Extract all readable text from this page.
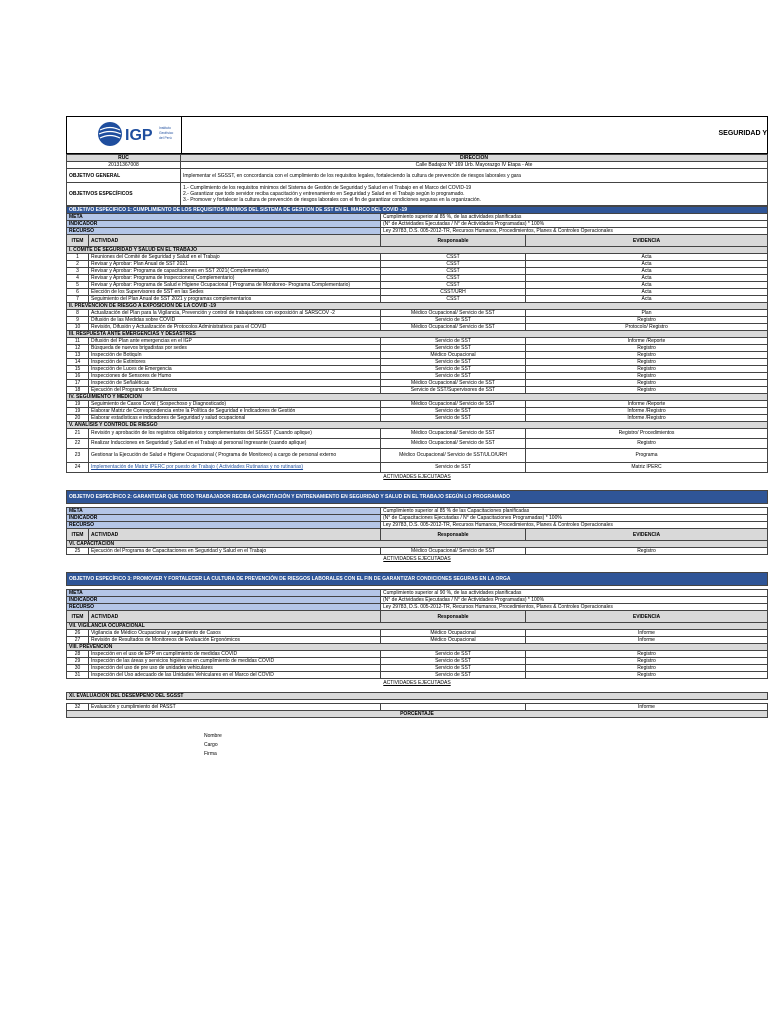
IGP Instituto
Geofísico
del Perú
SEGURIDAD Y
RUC	DIRECCIÓN
20131367008	Calle Badajoz N° 169 Urb. Mayorazgo IV Etapa - Ate
OBJETIVO GENERAL	Implementar el SGSST, en concordancia con el cumplimiento de los requisitos legales, fortaleciendo la cultura de prevención de riesgos laborales y gara
OBJETIVOS ESPECÍFICOS	1.- Cumplimiento de los requisitos mínimos del Sistema de Gestión de Seguridad y Salud en el Trabajo en el Marco del COVID-19
2.- Garantizar que todo servidor reciba capacitación y entrenamiento en Seguridad y Salud en el Trabajo según lo programado.
3.- Promover y fortalecer la cultura de prevención de riesgos laborales con el fin de garantizar condiciones seguras en la organización.
OBJETIVO ESPECÍFICO 1: CUMPLIMIENTO DE LOS REQUISITOS MINIMOS DEL SISTEMA DE GESTIÓN DE SST EN EL MARCO DEL COVID -19			
META		Cumplimiento superior al 85 %, de las actividades planificadas	
INDICADOR		(N° de Actividades Ejecutadas / N° de Actividades Programadas) * 100%	
RECURSO		Ley 29783, D.S. 005-2012-TR, Recursos Humanos, Procedimientos, Planes & Controles Operacionales	
ITEM	ACTIVIDAD	Responsable	EVIDENCIA
I. COMITÉ DE SEGURIDAD Y SALUD EN EL TRABAJO			
1	Reuniones del Comité de Seguridad y Salud en el Trabajo	CSST	Acta
2	Revisar y Aprobar: Plan Anual de SST 2021	CSST	Acta
3	Revisar y Aprobar: Programa de capacitaciones en SST 2021( Complementario)	CSST	Acta
4	Revisar y Aprobar: Programa de Inspecciones( Complementario)	CSST	Acta
5	Revisar y Aprobar: Programa de Salud e Higiene Ocupacional ( Programa de Monitoreo- Programa Complementario)	CSST	Acta
6	Elección de los Supervisores de SST en las Sedes	CSST/URH	Acta
7	Seguimiento del Plan Anual de SST 2021 y programas complementarios	CSST	Acta
II. PREVENCIÓN DE RIESGO A EXPOSICIÓN DE LA COVID -19			
8	Actualización del Plan para la Vigilancia, Prevención y control de trabajadores con exposición al SARSCOV -2	Médico Ocupacional/ Servicio de SST	Plan
9	Difusión de las Medidas sobre COVID	Servicio de SST	Registro
10	Revisión, Difusión y Actualización de Protocolos Administrativos para el COVID	Médico Ocupacional/ Servicio de SST	Protocolo/ Registro
III. RESPUESTA ANTE EMERGENCIAS Y DESASTRES			
11	Difusión del Plan ante emergencias en el IGP	Servicio de SST	Informe /Reporte
12	Búsqueda de nuevos brigadistas por sedes	Servicio de SST	Registro
13	Inspección de Botiquín	Médico Ocupacional	Registro
14	Inspección de Extintores	Servicio de SST	Registro
15	Inspección de Luces de Emergencia	Servicio de SST	Registro
16	Inspecciones de Sensores de Humo	Servicio de SST	Registro
17	Inspección de Señaléticas	Médico Ocupacional/ Servicio de SST	Registro
18	Ejecución del Programa de Simulacros	Servicio de SST/Supervisores de SST	Registro
IV. SEGUIMIENTO Y MEDICIÓN			
19	Seguimiento de Casos Covid ( Sospechoso y Diagnosticado)	Médico Ocupacional/ Servicio de SST	Informe /Reporte
19	Elaborar Matriz de Correspondencia entre la Política de Seguridad e Indicadores de Gestión	Servicio de SST	Informe /Registro
20	Elaborar estadísticas e indicadores de Seguridad y salud ocupacional	Servicio de SST	Informe /Registro
V. ANÁLISIS Y CONTROL DE RIESGO			
21	Revisión y aprobación de los registros obligatorios y complementarios del SGSST (Cuando aplique)	Médico Ocupacional/ Servicio de SST	Registro/ Procedimientos
22	Realizar Inducciones en Seguridad y Salud en el Trabajo al personal Ingresante (cuando aplique)	Médico Ocupacional/ Servicio de SST	Registro
23	Gestionar la Ejecución de Salud e Higiene Ocupacional ( Programa de Monitoreo) a cargo de personal externo	Médico Ocupacional/ Servicio de SST/ULO/URH	Programa
24	Implementación de Matriz IPERC por puesto de Trabajo ( Actividades Rutinarias y no rutinarias)	Servicio de SST	Matriz IPERC
ACTIVIDADES EJECUTADAS			

OBJETIVO ESPECÍFICO 2: GARANTIZAR QUE TODO TRABAJADOR RECIBA CAPACITACIÓN Y ENTRENAMIENTO EN SEGURIDAD Y SALUD EN EL TRABAJO SEGÚN LO PROGRAMADO			

META		Cumplimiento superior al 85 % de las Capacitaciones planificadas	
INDICADOR		(N° de Capacitaciones Ejecutadas / N° de Capacitaciones Programadas) * 100%	
RECURSO		Ley 29783, D.S. 005-2012-TR, Recursos Humanos, Procedimientos, Planes & Controles Operacionales	
ITEM	ACTIVIDAD	Responsable	EVIDENCIA
VI. CAPACITACIÓN			
25	Ejecución del Programa de Capacitaciones en Seguridad y Salud en el Trabajo	Médico Ocupacional/ Servicio de SST	Registro
ACTIVIDADES EJECUTADAS			

OBJETIVO ESPECÍFICO 3: PROMOVER Y FORTALECER LA CULTURA DE PREVENCIÓN DE RIESGOS LABORALES CON EL FIN DE GARANTIZAR CONDICIONES SEGURAS EN LA ORGA			

META		Cumplimiento superior al 90 %, de las actividades planificadas	
INDICADOR		(N° de Actividades Ejecutadas / N° de Actividades Programadas) * 100%	
RECURSO		Ley 29783, D.S. 005-2012-TR, Recursos Humanos, Procedimientos, Planes & Controles Operacionales	
ITEM	ACTIVIDAD	Responsable	EVIDENCIA
VII. VIGILANCIA OCUPACIONAL			
26	Vigilancia de Médico Ocupacional y seguimiento de Casos	Médico Ocupacional	Informe
27	Revisión de Resultados de Monitoreos de Evaluación Ergonómicos	Médico Ocupacional	Informe
VIII. PREVENCIÓN			
28	Inspección en el uso de EPP en cumplimiento de medidas COVID	Servicio de SST	Registro
29	Inspección de las áreas y servicios higiénicos en cumplimiento de medidas COVID	Servicio de SST	Registro
30	Inspección del uso de pre uso de unidades vehiculares	Servicio de SST	Registro
31	Inspección del Uso adecuado de las Unidades Vehiculares en el Marco del COVID	Servicio de SST	Registro
ACTIVIDADES EJECUTADAS			

XI. EVALUACIÓN DEL DESEMPEÑO DEL SGSST			

32	Evaluación y cumplimiento del PASST		Informe
PORCENTAJE			
Nombre
Cargo
Firma
